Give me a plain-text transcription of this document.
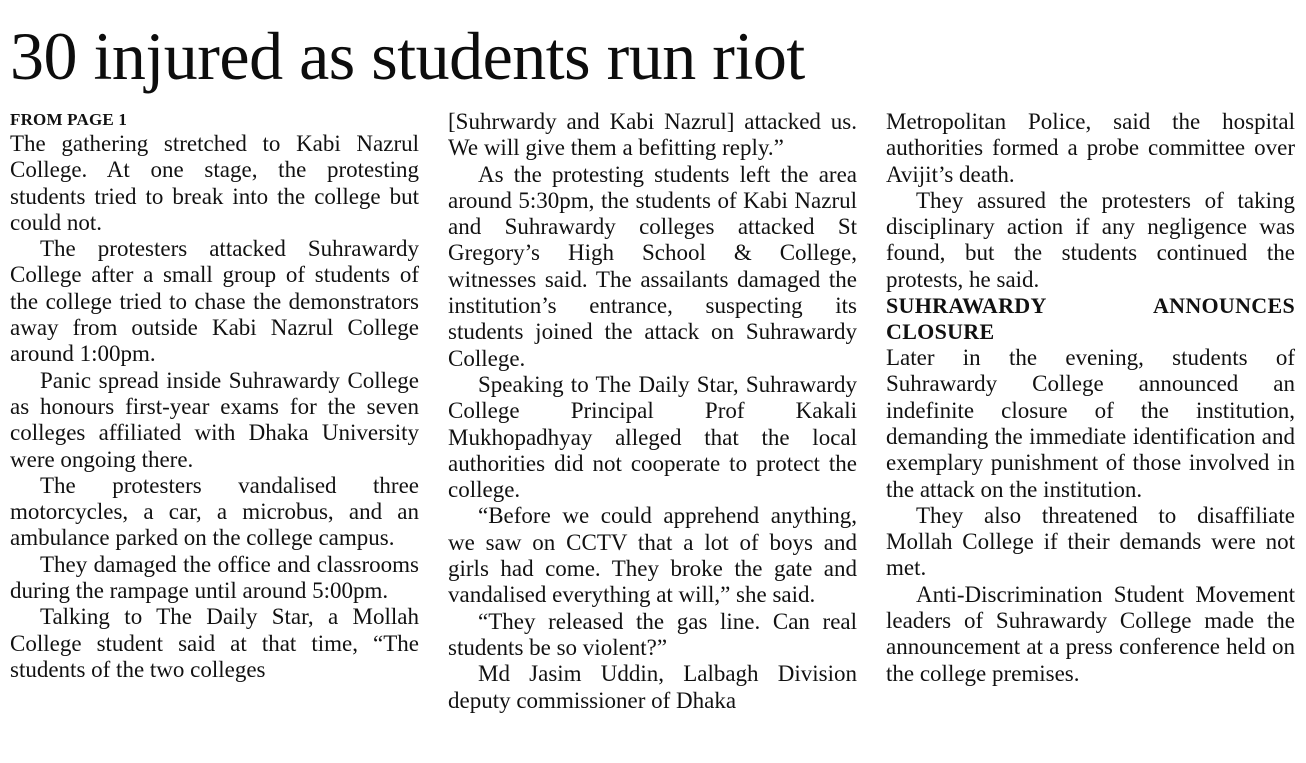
30 injured as students run riot
FROM PAGE 1

The gathering stretched to Kabi Nazrul College. At one stage, the protesting students tried to break into the college but could not.

The protesters attacked Suhrawardy College after a small group of students of the college tried to chase the demonstrators away from outside Kabi Nazrul College around 1:00pm.

Panic spread inside Suhrawardy College as honours first-year exams for the seven colleges affiliated with Dhaka University were ongoing there.

The protesters vandalised three motorcycles, a car, a microbus, and an ambulance parked on the college campus.

They damaged the office and classrooms during the rampage until around 5:00pm.

Talking to The Daily Star, a Mollah College student said at that time, “The students of the two colleges

[Suhrwardy and Kabi Nazrul] attacked us. We will give them a befitting reply.”

As the protesting students left the area around 5:30pm, the students of Kabi Nazrul and Suhrawardy colleges attacked St Gregory’s High School & College, witnesses said. The assailants damaged the institution’s entrance, suspecting its students joined the attack on Suhrawardy College.

Speaking to The Daily Star, Suhrawardy College Principal Prof Kakali Mukhopadhyay alleged that the local authorities did not cooperate to protect the college.

“Before we could apprehend anything, we saw on CCTV that a lot of boys and girls had come. They broke the gate and vandalised everything at will,” she said.

“They released the gas line. Can real students be so violent?”

Md Jasim Uddin, Lalbagh Division deputy commissioner of Dhaka

Metropolitan Police, said the hospital authorities formed a probe committee over Avijit’s death.

They assured the protesters of taking disciplinary action if any negligence was found, but the students continued the protests, he said.

SUHRAWARDY ANNOUNCES CLOSURE

Later in the evening, students of Suhrawardy College announced an indefinite closure of the institution, demanding the immediate identification and exemplary punishment of those involved in the attack on the institution.

They also threatened to disaffiliate Mollah College if their demands were not met.

Anti-Discrimination Student Movement leaders of Suhrawardy College made the announcement at a press conference held on the college premises.
